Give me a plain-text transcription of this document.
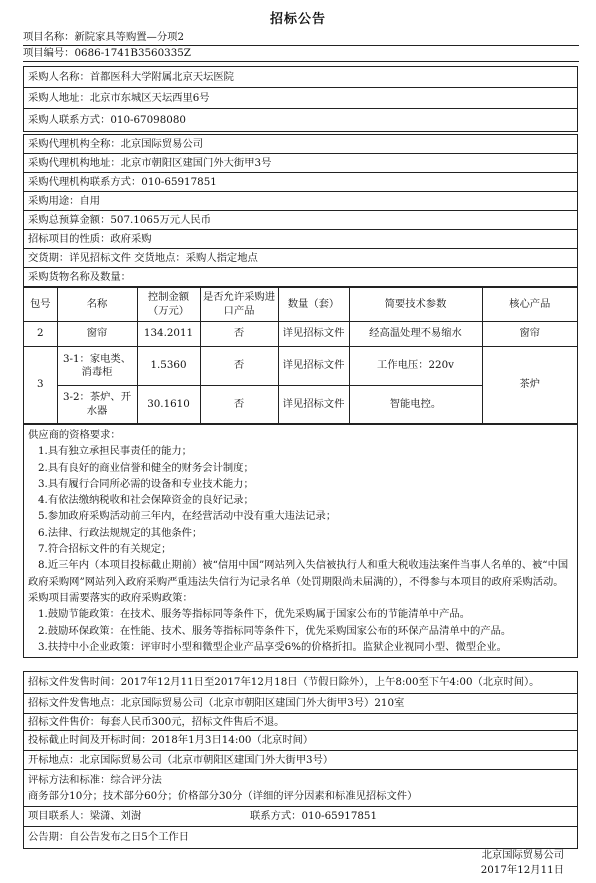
招标公告
项目名称：新院家具等购置—分项2
项目编号：0686-1741B3560335Z
采购人名称：首都医科大学附属北京天坛医院
采购人地址：北京市东城区天坛西里6号
采购人联系方式：010-67098080
采购代理机构全称：北京国际贸易公司
采购代理机构地址：北京市朝阳区建国门外大街甲3号
采购代理机构联系方式：010-65917851
采购用途：自用
采购总预算金额：507.1065万元人民币
招标项目的性质：政府采购
交货期：详见招标文件 交货地点：采购人指定地点
采购货物名称及数量：
包号	名称	控制金额（万元）	是否允许采购进口产品	数量（套）	简要技术参数	核心产品
2	窗帘	134.2011	否	详见招标文件	经高温处理不易缩水	窗帘
3	3-1：家电类、消毒柜	1.5360	否	详见招标文件	工作电压：220v	茶炉
	3-2：茶炉、开水器	30.1610	否	详见招标文件	智能电控。	
供应商的资格要求：
1.具有独立承担民事责任的能力；
2.具有良好的商业信誉和健全的财务会计制度；
3.具有履行合同所必需的设备和专业技术能力；
4.有依法缴纳税收和社会保障资金的良好记录；
5.参加政府采购活动前三年内，在经营活动中没有重大违法记录；
6.法律、行政法规规定的其他条件；
7.符合招标文件的有关规定；
8.近三年内（本项目投标截止期前）被“信用中国”网站列入失信被执行人和重大税收违法案件当事人名单的、被“中国政府采购网”网站列入政府采购严重违法失信行为记录名单（处罚期限尚未届满的），不得参与本项目的政府采购活动。
采购项目需要落实的政府采购政策：
1.鼓励节能政策：在技术、服务等指标同等条件下，优先采购属于国家公布的节能清单中产品。
2.鼓励环保政策：在性能、技术、服务等指标同等条件下，优先采购国家公布的环保产品清单中的产品。
3.扶持中小企业政策：评审时小型和微型企业产品享受6%的价格折扣。监狱企业视同小型、微型企业。
招标文件发售时间：2017年12月11日至2017年12月18日（节假日除外），上午8:00至下午4:00（北京时间）。
招标文件发售地点：北京国际贸易公司（北京市朝阳区建国门外大街甲3号）210室
招标文件售价：每套人民币300元，招标文件售后不退。
投标截止时间及开标时间：2018年1月3日14:00（北京时间）
开标地点：北京国际贸易公司（北京市朝阳区建国门外大街甲3号）
评标方法和标准：综合评分法
商务部分10分；技术部分60分；价格部分30分（详细的评分因素和标准见招标文件）
项目联系人：梁潇、刘澍	联系方式：010-65917851
公告期：自公告发布之日5个工作日
北京国际贸易公司
2017年12月11日
